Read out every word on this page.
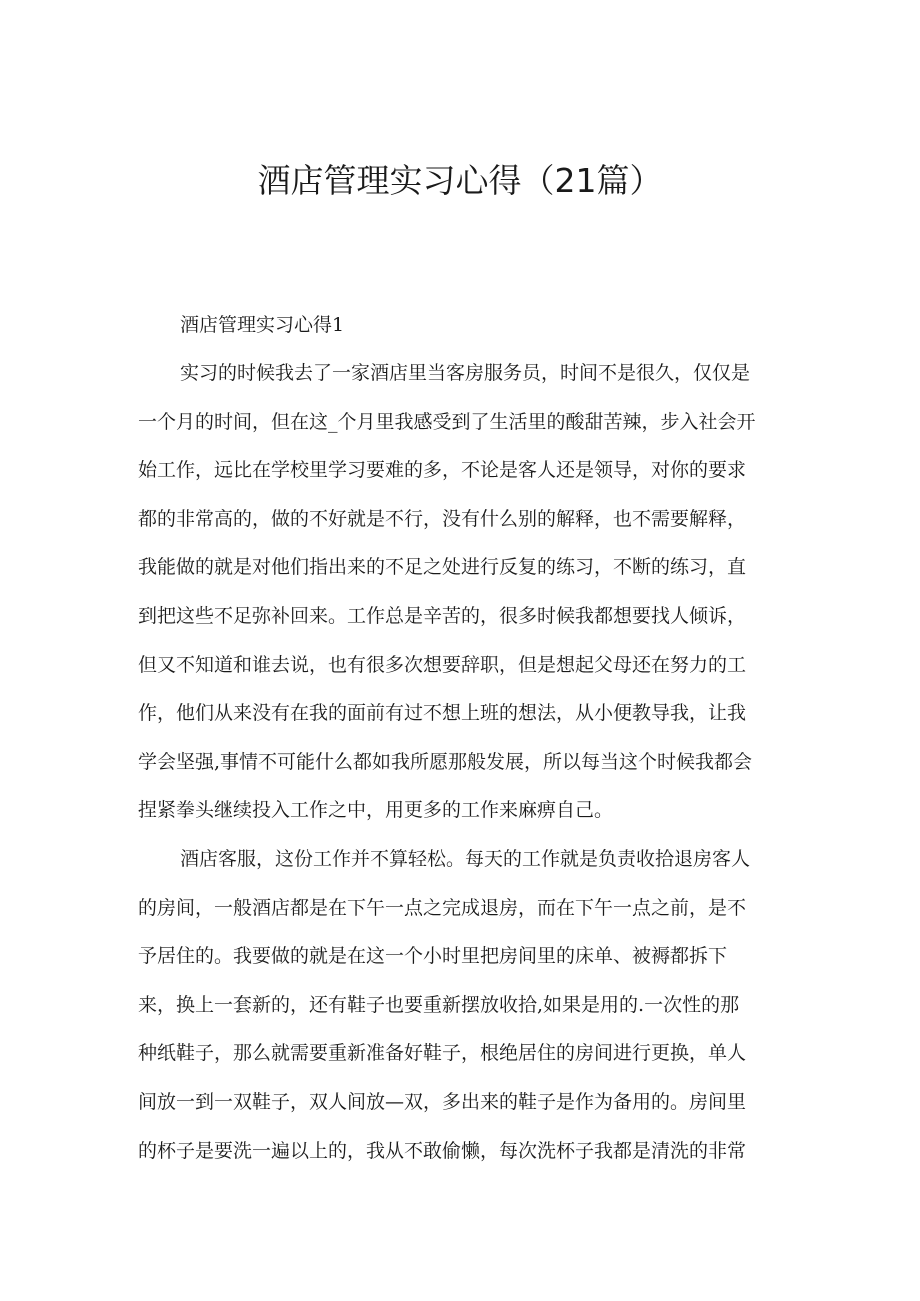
酒店管理实习心得（21篇）
酒店管理实习心得1
实习的时候我去了一家酒店里当客房服务员，时间不是很久，仅仅是
一个月的时间，但在这_个月里我感受到了生活里的酸甜苦辣，步入社会开
始工作，远比在学校里学习要难的多，不论是客人还是领导，对你的要求
都的非常高的，做的不好就是不行，没有什么别的解释，也不需要解释，
我能做的就是对他们指出来的不足之处进行反复的练习，不断的练习，直
到把这些不足弥补回来。工作总是辛苦的，很多时候我都想要找人倾诉，
但又不知道和谁去说，也有很多次想要辞职，但是想起父母还在努力的工
作，他们从来没有在我的面前有过不想上班的想法，从小便教导我，让我
学会坚强,事情不可能什么都如我所愿那般发展，所以每当这个时候我都会
捏紧拳头继续投入工作之中，用更多的工作来麻痹自己。
酒店客服，这份工作并不算轻松。每天的工作就是负责收拾退房客人
的房间，一般酒店都是在下午一点之完成退房，而在下午一点之前，是不
予居住的。我要做的就是在这一个小时里把房间里的床单、被褥都拆下
来，换上一套新的，还有鞋子也要重新摆放收拾,如果是用的.一次性的那
种纸鞋子，那么就需要重新准备好鞋子，根绝居住的房间进行更换，单人
间放一到一双鞋子，双人间放—双，多出来的鞋子是作为备用的。房间里
的杯子是要洗一遍以上的，我从不敢偷懒，每次洗杯子我都是清洗的非常
